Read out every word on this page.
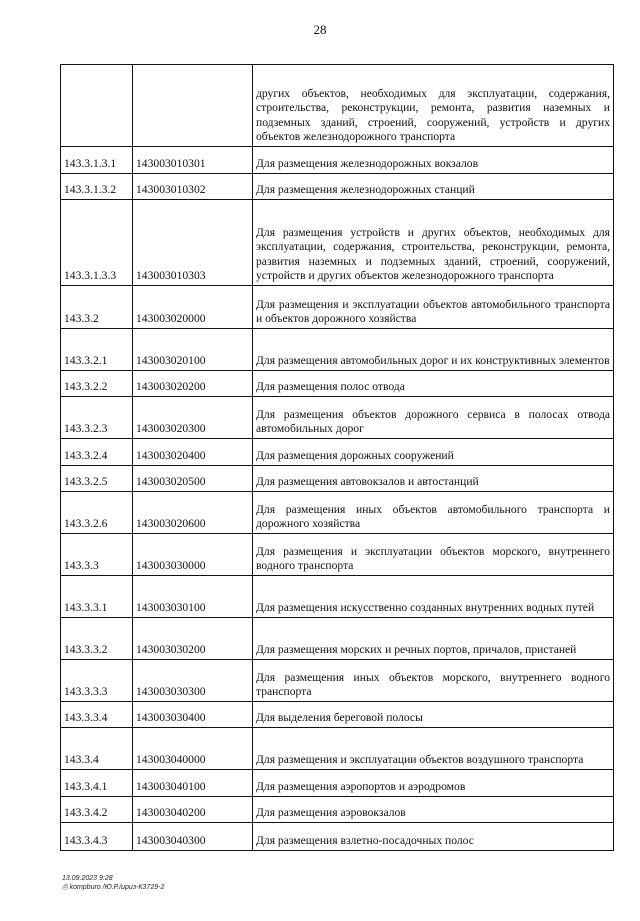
28
		других объектов, необходимых для эксплуатации, содержания, строительства, реконструкции, ремонта, развития наземных и подземных зданий, строений, сооружений, устройств и других объектов железнодорожного транспорта
143.3.1.3.1	143003010301	Для размещения железнодорожных вокзалов
143.3.1.3.2	143003010302	Для размещения железнодорожных станций
143.3.1.3.3	143003010303	Для размещения устройств и других объектов, необходимых для эксплуатации, содержания, строительства, реконструкции, ремонта, развития наземных и подземных зданий, строений, сооружений, устройств и других объектов железнодорожного транспорта
143.3.2	143003020000	Для размещения и эксплуатации объектов автомобильного транспорта и объектов дорожного хозяйства
143.3.2.1	143003020100	Для размещения автомобильных дорог и их конструктивных элементов
143.3.2.2	143003020200	Для размещения полос отвода
143.3.2.3	143003020300	Для размещения объектов дорожного сервиса в полосах отвода автомобильных дорог
143.3.2.4	143003020400	Для размещения дорожных сооружений
143.3.2.5	143003020500	Для размещения автовокзалов и автостанций
143.3.2.6	143003020600	Для размещения иных объектов автомобильного транспорта и дорожного хозяйства
143.3.3	143003030000	Для размещения и эксплуатации объектов морского, внутреннего водного транспорта
143.3.3.1	143003030100	Для размещения искусственно созданных внутренних водных путей
143.3.3.2	143003030200	Для размещения морских и речных портов, причалов, пристаней
143.3.3.3	143003030300	Для размещения иных объектов морского, внутреннего водного транспорта
143.3.3.4	143003030400	Для выделения береговой полосы
143.3.4	143003040000	Для размещения и эксплуатации объектов воздушного транспорта
143.3.4.1	143003040100	Для размещения аэропортов и аэродромов
143.3.4.2	143003040200	Для размещения аэровокзалов
143.3.4.3	143003040300	Для размещения взлетно-посадочных полос
13.09.2023 9:28
⎙ kompburo /Ю.Р./ириз-К3729-2
